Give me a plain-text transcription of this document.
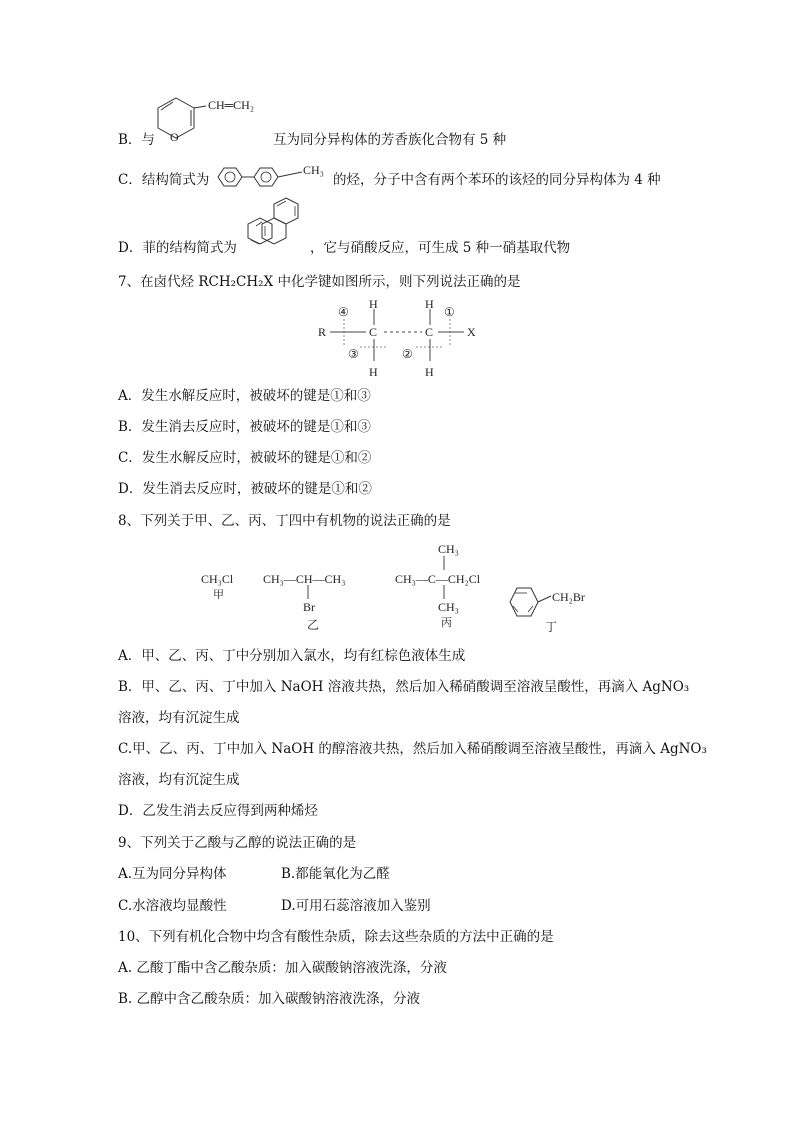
O
CH═CH₂
B．与	互为同分异构体的芳香族化合物有 5 种
C．结构简式为	的烃，分子中含有两个苯环的该烃的同分异构体为 4 种
CH₃
D．菲的结构简式为	，它与硝酸反应，可生成 5 种一硝基取代物
7、在卤代烃 RCH₂CH₂X 中化学键如图所示，则下列说法正确的是
R	C	C	X
H	H
H	H
④
③	②
①
A．发生水解反应时，被破坏的键是①和③
B．发生消去反应时，被破坏的键是①和③
C．发生水解反应时，被破坏的键是①和②
D．发生消去反应时，被破坏的键是①和②
8、下列关于甲、乙、丙、丁四中有机物的说法正确的是
CH₃Cl
甲
CH₃—CH—CH₃
Br
乙
CH₃
CH₃—C—CH₂Cl
CH₃
丙
CH₂Br
丁
A．甲、乙、丙、丁中分别加入氯水，均有红棕色液体生成
B．甲、乙、丙、丁中加入 NaOH 溶液共热，然后加入稀硝酸调至溶液呈酸性，再滴入 AgNO₃
溶液，均有沉淀生成
C.甲、乙、丙、丁中加入 NaOH 的醇溶液共热，然后加入稀硝酸调至溶液呈酸性，再滴入 AgNO₃
溶液，均有沉淀生成
D．乙发生消去反应得到两种烯烃
9、下列关于乙酸与乙醇的说法正确的是
A.互为同分异构体	B.都能氧化为乙醛
C.水溶液均显酸性	D.可用石蕊溶液加入鉴别
10、下列有机化合物中均含有酸性杂质，除去这些杂质的方法中正确的是
A. 乙酸丁酯中含乙酸杂质：加入碳酸钠溶液洗涤，分液
B. 乙醇中含乙酸杂质：加入碳酸钠溶液洗涤，分液
